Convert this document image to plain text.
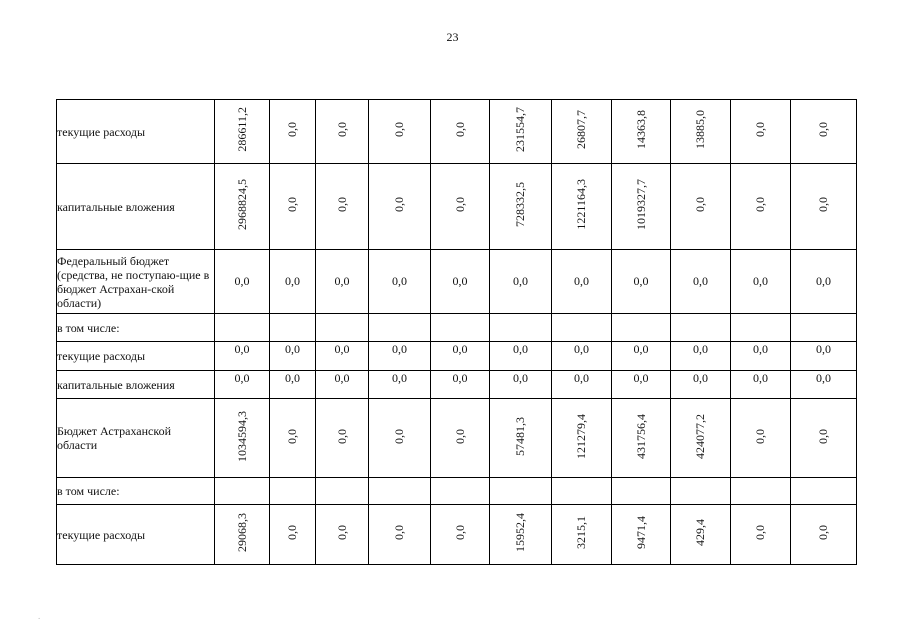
23
текущие расходы	286611,2	0,0	0,0	0,0	0,0	231554,7	26807,7	14363,8	13885,0	0,0	0,0
капитальные вложения	2968824,5	0,0	0,0	0,0	0,0	728332,5	1221164,3	1019327,7	0,0	0,0	0,0
Федеральный бюджет (средства, не поступаю-щие в бюджет Астрахан-ской области)	0,0	0,0	0,0	0,0	0,0	0,0	0,0	0,0	0,0	0,0	0,0
в том числе:											
текущие расходы	0,0	0,0	0,0	0,0	0,0	0,0	0,0	0,0	0,0	0,0	0,0
капитальные вложения	0,0	0,0	0,0	0,0	0,0	0,0	0,0	0,0	0,0	0,0	0,0
Бюджет Астраханской области	1034594,3	0,0	0,0	0,0	0,0	57481,3	121279,4	431756,4	424077,2	0,0	0,0
в том числе:											
текущие расходы	29068,3	0,0	0,0	0,0	0,0	15952,4	3215,1	9471,4	429,4	0,0	0,0
.
